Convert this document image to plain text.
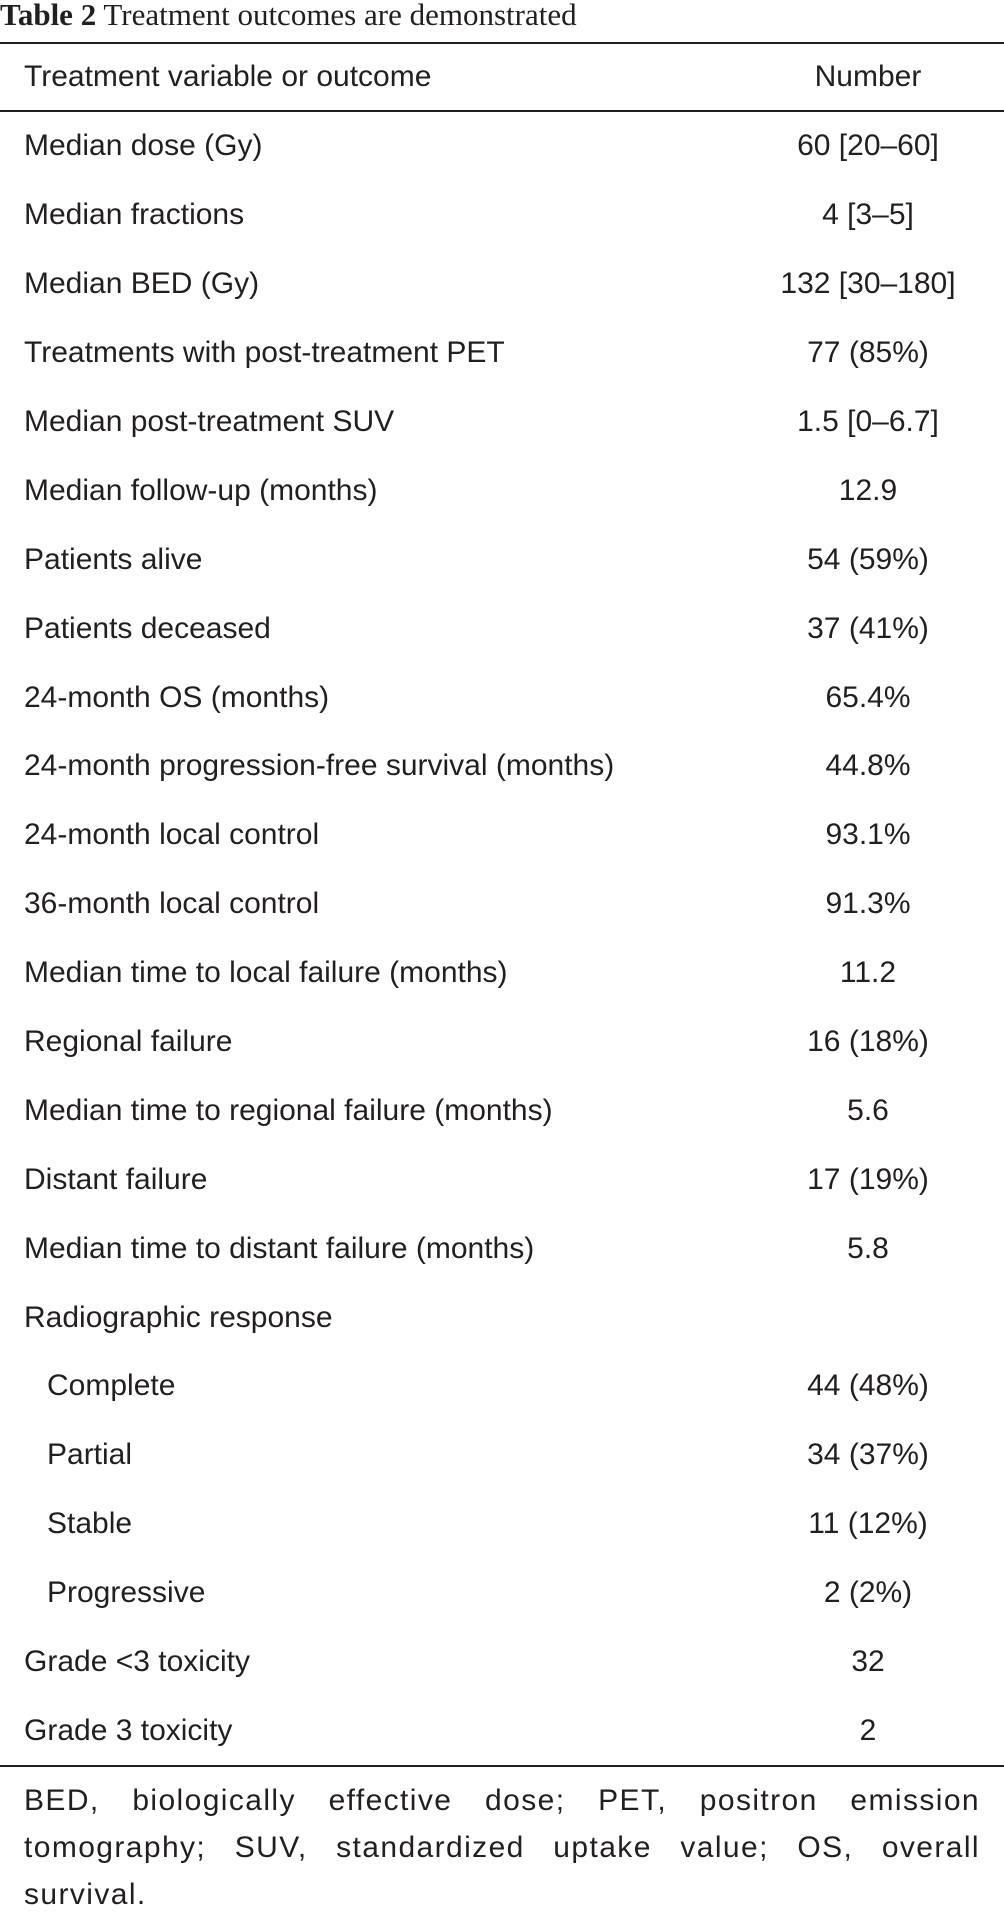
Table 2 Treatment outcomes are demonstrated
Treatment variable or outcome	Number
Median dose (Gy)	60 [20–60]
Median fractions	4 [3–5]
Median BED (Gy)	132 [30–180]
Treatments with post-treatment PET	77 (85%)
Median post-treatment SUV	1.5 [0–6.7]
Median follow-up (months)	12.9
Patients alive	54 (59%)
Patients deceased	37 (41%)
24-month OS (months)	65.4%
24-month progression-free survival (months)	44.8%
24-month local control	93.1%
36-month local control	91.3%
Median time to local failure (months)	11.2
Regional failure	16 (18%)
Median time to regional failure (months)	5.6
Distant failure	17 (19%)
Median time to distant failure (months)	5.8
Radiographic response	
Complete	44 (48%)
Partial	34 (37%)
Stable	11 (12%)
Progressive	2 (2%)
Grade <3 toxicity	32
Grade 3 toxicity	2

BED, biologically effective dose; PET, positron emission tomography; SUV, standardized uptake value; OS, overall survival.
